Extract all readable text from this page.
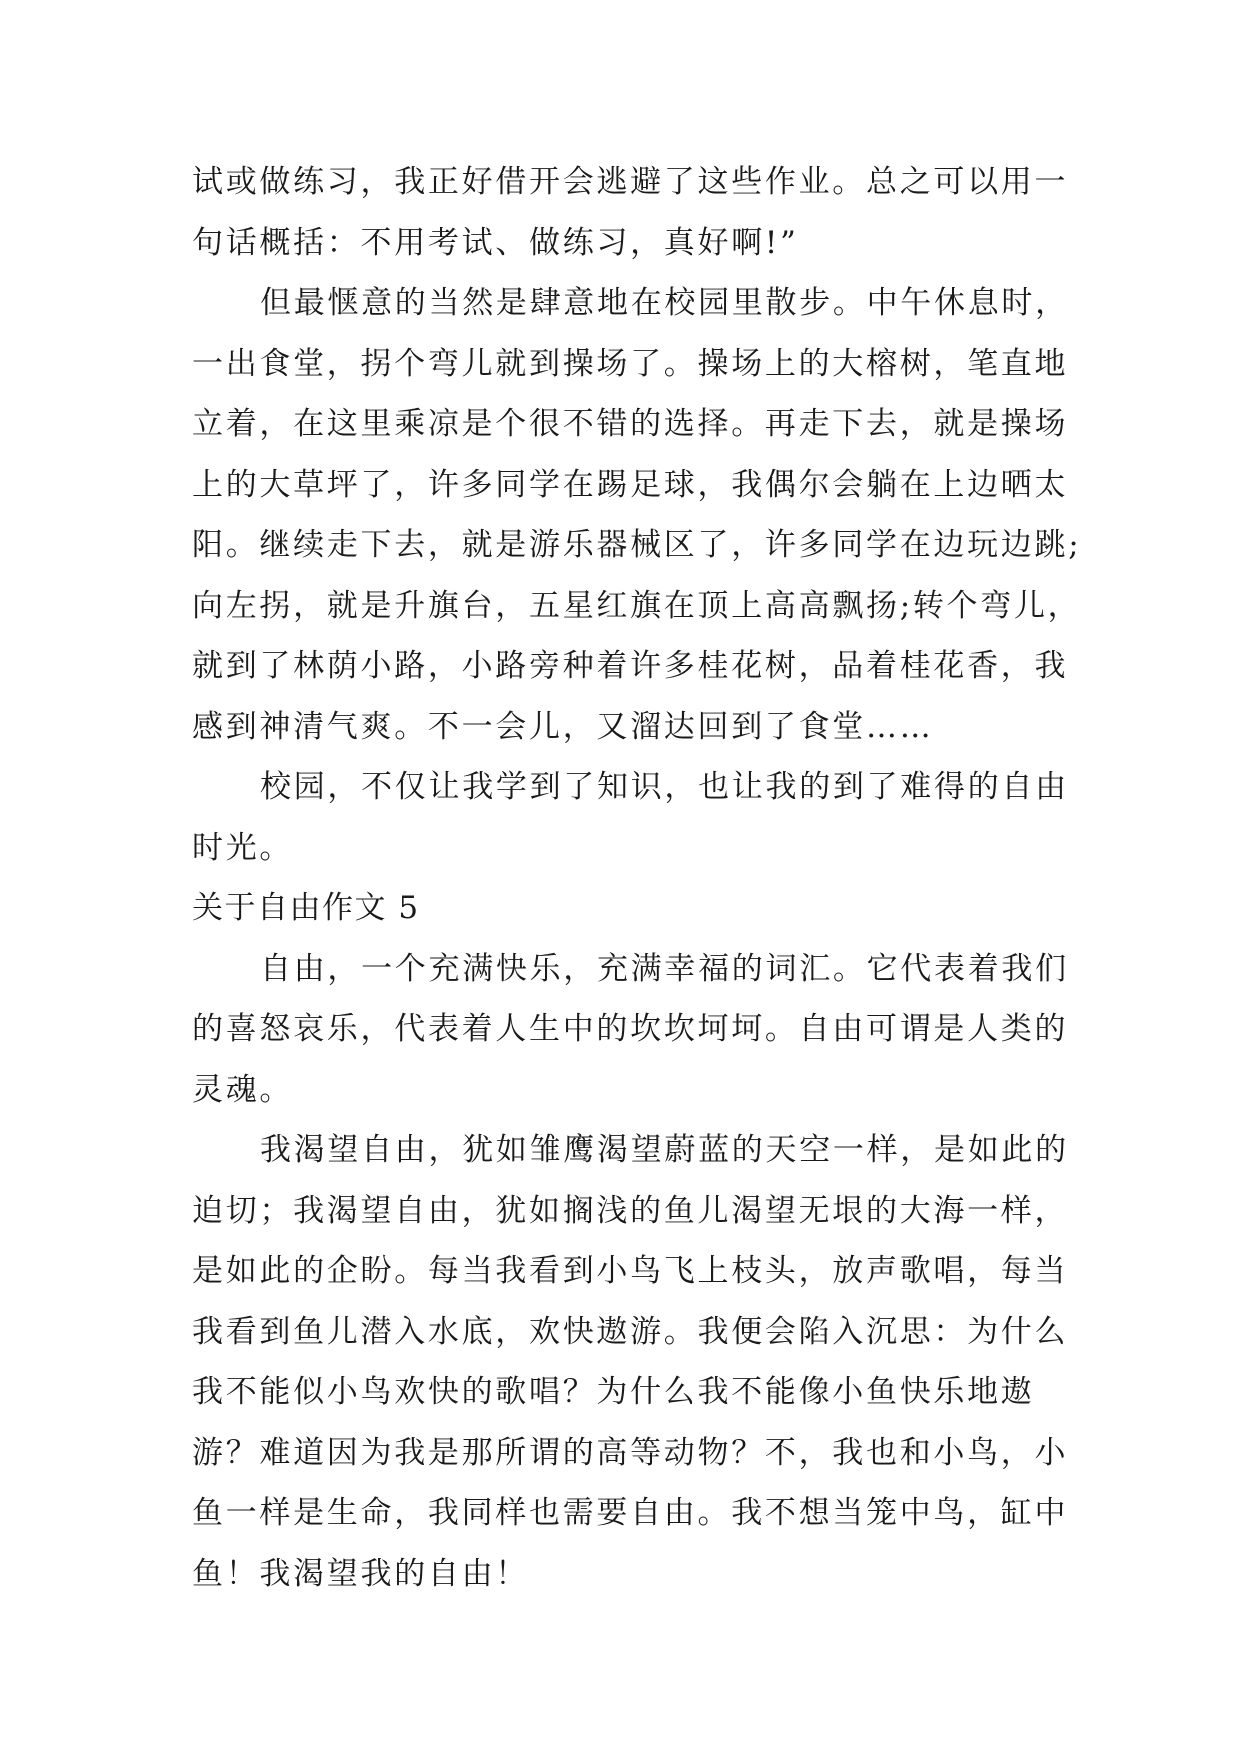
试或做练习，我正好借开会逃避了这些作业。总之可以用一
句话概括：不用考试、做练习，真好啊!”
但最惬意的当然是肆意地在校园里散步。中午休息时，
一出食堂，拐个弯儿就到操场了。操场上的大榕树，笔直地
立着，在这里乘凉是个很不错的选择。再走下去，就是操场
上的大草坪了，许多同学在踢足球，我偶尔会躺在上边晒太
阳。继续走下去，就是游乐器械区了，许多同学在边玩边跳;
向左拐，就是升旗台，五星红旗在顶上高高飘扬;转个弯儿，
就到了林荫小路，小路旁种着许多桂花树，品着桂花香，我
感到神清气爽。不一会儿，又溜达回到了食堂……
校园，不仅让我学到了知识，也让我的到了难得的自由
时光。
关于自由作文 5
自由，一个充满快乐，充满幸福的词汇。它代表着我们
的喜怒哀乐，代表着人生中的坎坎坷坷。自由可谓是人类的
灵魂。
我渴望自由，犹如雏鹰渴望蔚蓝的天空一样，是如此的
迫切；我渴望自由，犹如搁浅的鱼儿渴望无垠的大海一样，
是如此的企盼。每当我看到小鸟飞上枝头，放声歌唱，每当
我看到鱼儿潜入水底，欢快遨游。我便会陷入沉思：为什么
我不能似小鸟欢快的歌唱？为什么我不能像小鱼快乐地遨
游？难道因为我是那所谓的高等动物？不，我也和小鸟，小
鱼一样是生命，我同样也需要自由。我不想当笼中鸟，缸中
鱼！我渴望我的自由！
